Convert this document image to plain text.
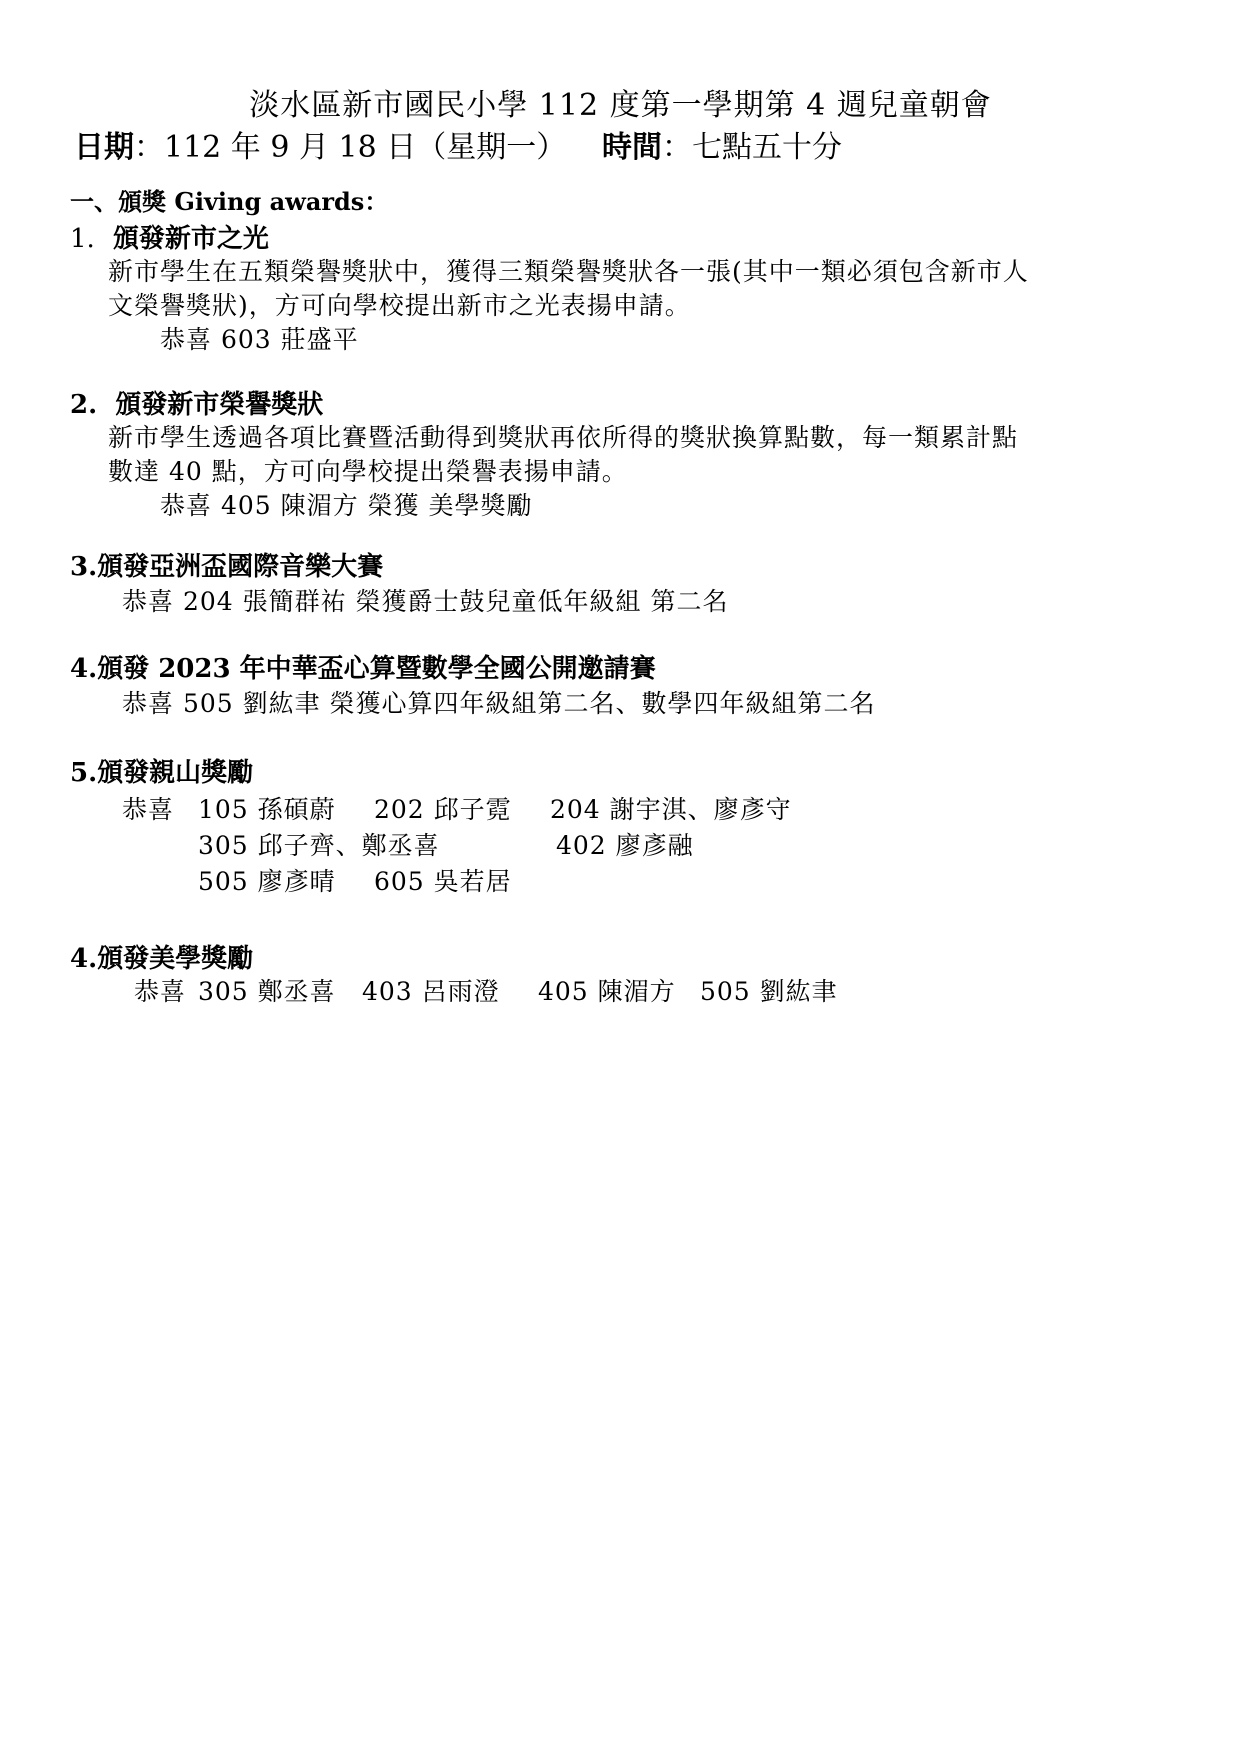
淡水區新市國民小學 112 度第一學期第 4 週兒童朝會
日期：112 年 9 月 18 日（星期一） 時間：七點五十分
一、頒獎 Giving awards：
1. 頒發新市之光
新市學生在五類榮譽獎狀中，獲得三類榮譽獎狀各一張(其中一類必須包含新市人
文榮譽獎狀)，方可向學校提出新市之光表揚申請。
恭喜 603 莊盛平
2. 頒發新市榮譽獎狀
新市學生透過各項比賽暨活動得到獎狀再依所得的獎狀換算點數，每一類累計點
數達 40 點，方可向學校提出榮譽表揚申請。
恭喜 405 陳湄方 榮獲 美學獎勵
3.頒發亞洲盃國際音樂大賽
恭喜 204 張簡群祐 榮獲爵士鼓兒童低年級組 第二名
4.頒發 2023 年中華盃心算暨數學全國公開邀請賽
恭喜 505 劉紘聿 榮獲心算四年級組第二名、數學四年級組第二名
5.頒發親山獎勵
恭喜 105 孫碩蔚 202 邱子霓 204 謝宇淇、廖彥守
305 邱子齊、鄭丞喜	402 廖彥融
505 廖彥晴 605 吳若居
4.頒發美學獎勵
恭喜 305 鄭丞喜 403 呂雨澄 405 陳湄方 505 劉紘聿
